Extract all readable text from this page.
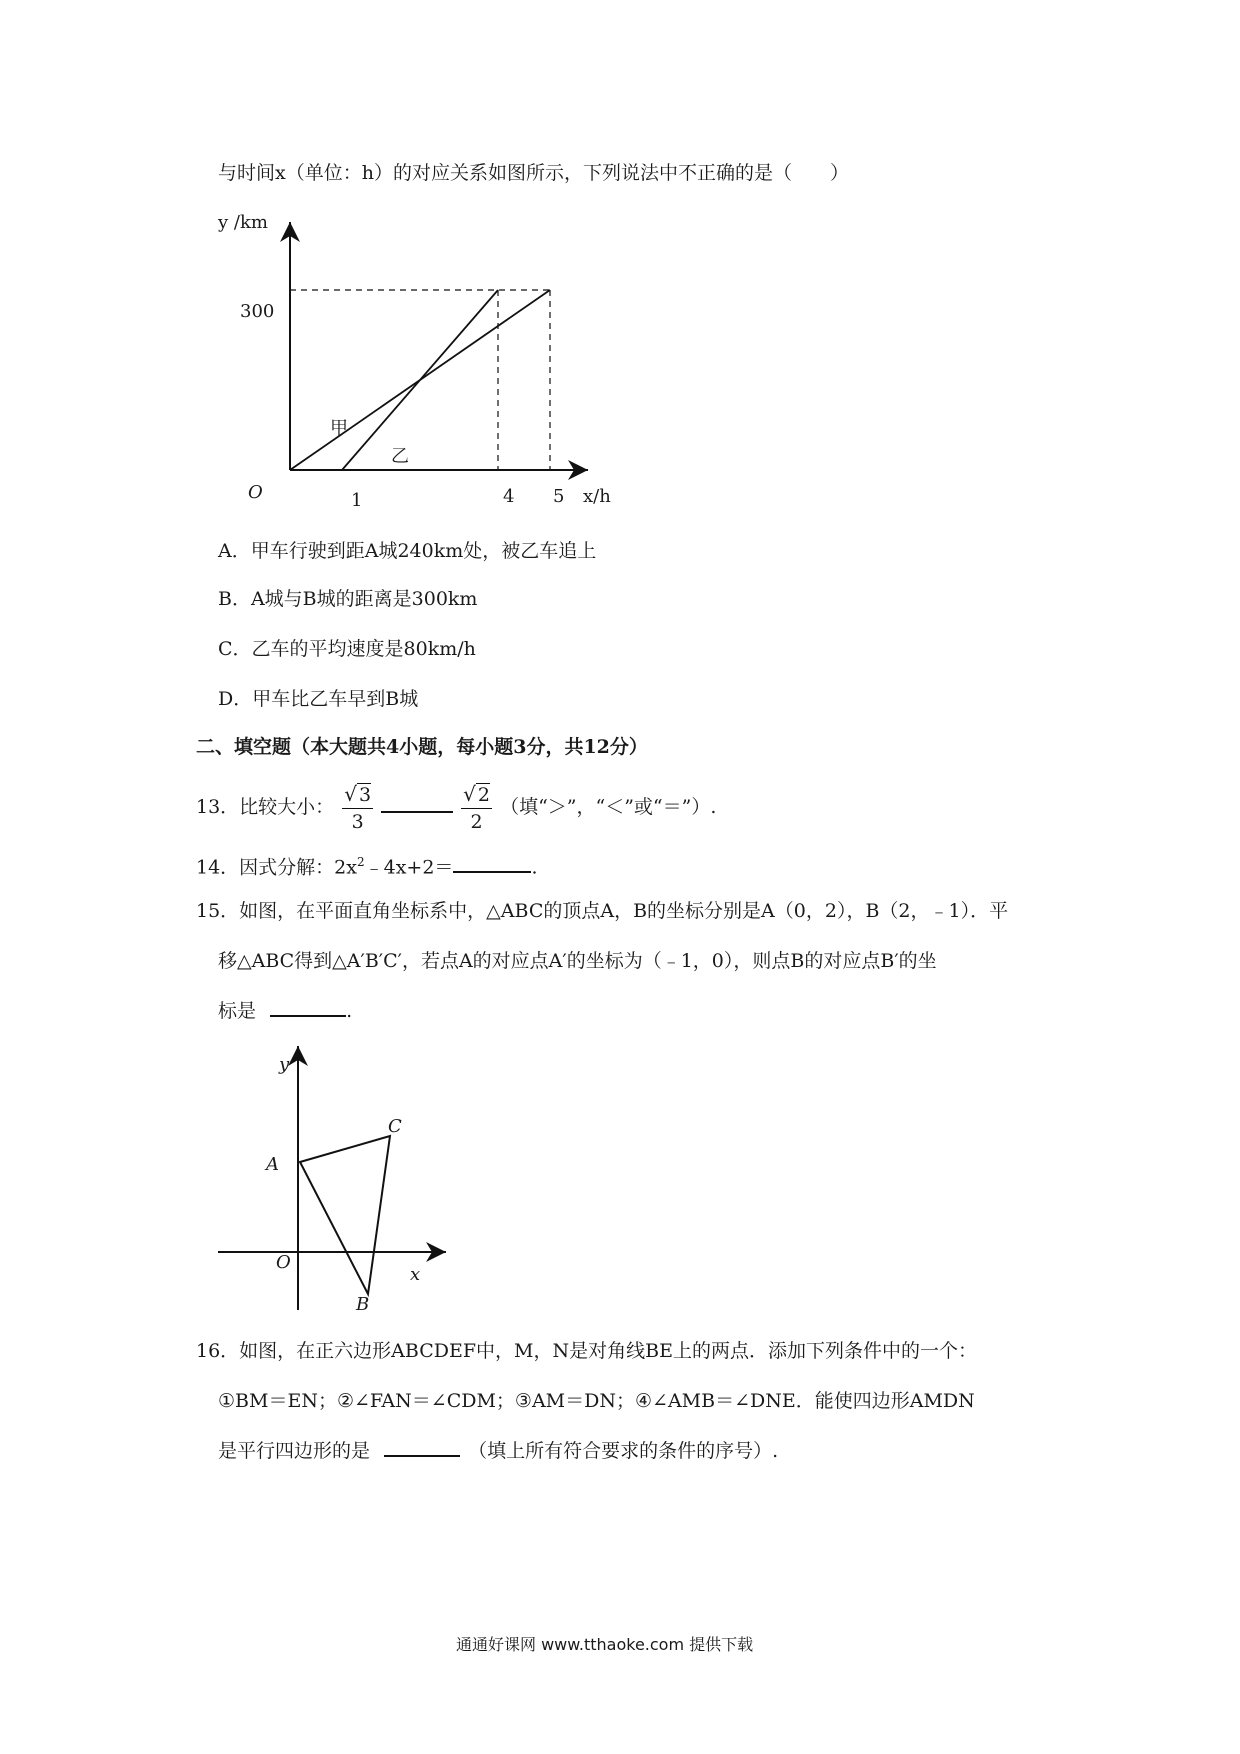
与时间x（单位：h）的对应关系如图所示，下列说法中不正确的是（　　）
y /km
300
O	1	4 5 x/h
甲
乙
A．甲车行驶到距A城240km处，被乙车追上
B．A城与B城的距离是300km
C．乙车的平均速度是80km/h
D．甲车比乙车早到B城
二、填空题（本大题共4小题，每小题3分，共12分）
13．比较大小： $\frac{√ 3}{3}$
	$\frac{√ 2}{2}$ （填“＞”，“＜”或“＝”）.
14．因式分解：$2x^2﹣4x+2=$	.
15．如图，在平面直角坐标系中，△ABC的顶点A，B的坐标分别是A（0，2），B（2，﹣1）．平
移△ABC得到△A′B′C′，若点A的对应点A′的坐标为（﹣1，0），则点B的对应点B′的坐
标是	.
y
x
O
A
B
C
16．如图，在正六边形ABCDEF中，M，N是对角线BE上的两点．添加下列条件中的一个：
①BM＝EN；②∠FAN＝∠CDM；③AM＝DN；④∠AMB＝∠DNE．能使四边形AMDN
是平行四边形的是	（填上所有符合要求的条件的序号）.
通通好课网 www.tthaoke.com 提供下载
